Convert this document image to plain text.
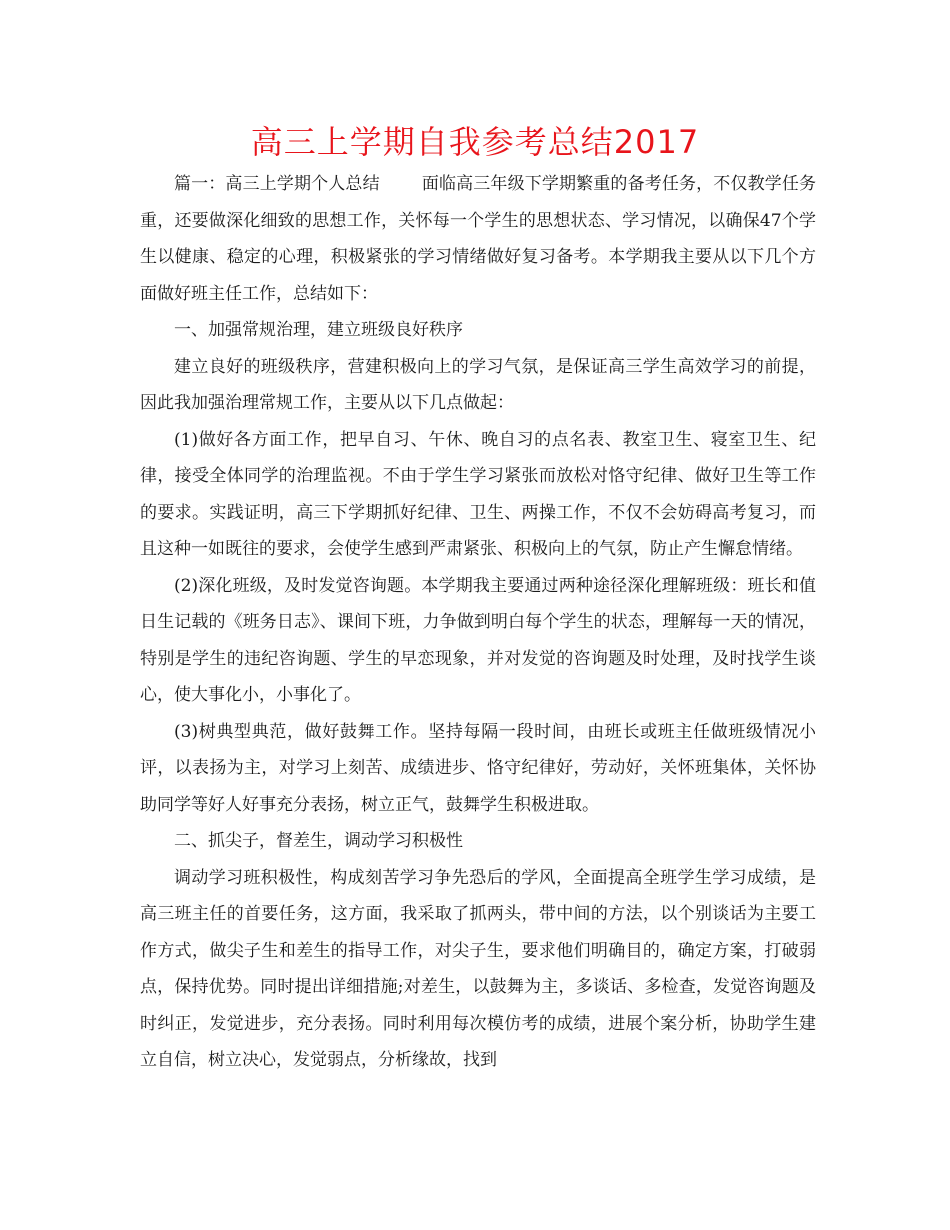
高三上学期自我参考总结2017

篇一：高三上学期个人总结 面临高三年级下学期繁重的备考任务，不仅教学任务重，还要做深化细致的思想工作，关怀每一个学生的思想状态、学习情况，以确保47个学生以健康、稳定的心理，积极紧张的学习情绪做好复习备考。本学期我主要从以下几个方面做好班主任工作，总结如下：

一、加强常规治理，建立班级良好秩序

建立良好的班级秩序，营建积极向上的学习气氛，是保证高三学生高效学习的前提，因此我加强治理常规工作，主要从以下几点做起：

(1)做好各方面工作，把早自习、午休、晚自习的点名表、教室卫生、寝室卫生、纪律，接受全体同学的治理监视。不由于学生学习紧张而放松对恪守纪律、做好卫生等工作的要求。实践证明，高三下学期抓好纪律、卫生、两操工作，不仅不会妨碍高考复习，而且这种一如既往的要求，会使学生感到严肃紧张、积极向上的气氛，防止产生懈怠情绪。

(2)深化班级，及时发觉咨询题。本学期我主要通过两种途径深化理解班级：班长和值日生记载的《班务日志》、课间下班，力争做到明白每个学生的状态，理解每一天的情况，特别是学生的违纪咨询题、学生的早恋现象，并对发觉的咨询题及时处理，及时找学生谈心，使大事化小，小事化了。

(3)树典型典范，做好鼓舞工作。坚持每隔一段时间，由班长或班主任做班级情况小评，以表扬为主，对学习上刻苦、成绩进步、恪守纪律好，劳动好，关怀班集体，关怀协助同学等好人好事充分表扬，树立正气，鼓舞学生积极进取。

二、抓尖子，督差生，调动学习积极性

调动学习班积极性，构成刻苦学习争先恐后的学风，全面提高全班学生学习成绩，是高三班主任的首要任务，这方面，我采取了抓两头，带中间的方法，以个别谈话为主要工作方式，做尖子生和差生的指导工作，对尖子生，要求他们明确目的，确定方案，打破弱点，保持优势。同时提出详细措施;对差生，以鼓舞为主，多谈话、多检查，发觉咨询题及时纠正，发觉进步，充分表扬。同时利用每次模仿考的成绩，进展个案分析，协助学生建立自信，树立决心，发觉弱点，分析缘故，找到
